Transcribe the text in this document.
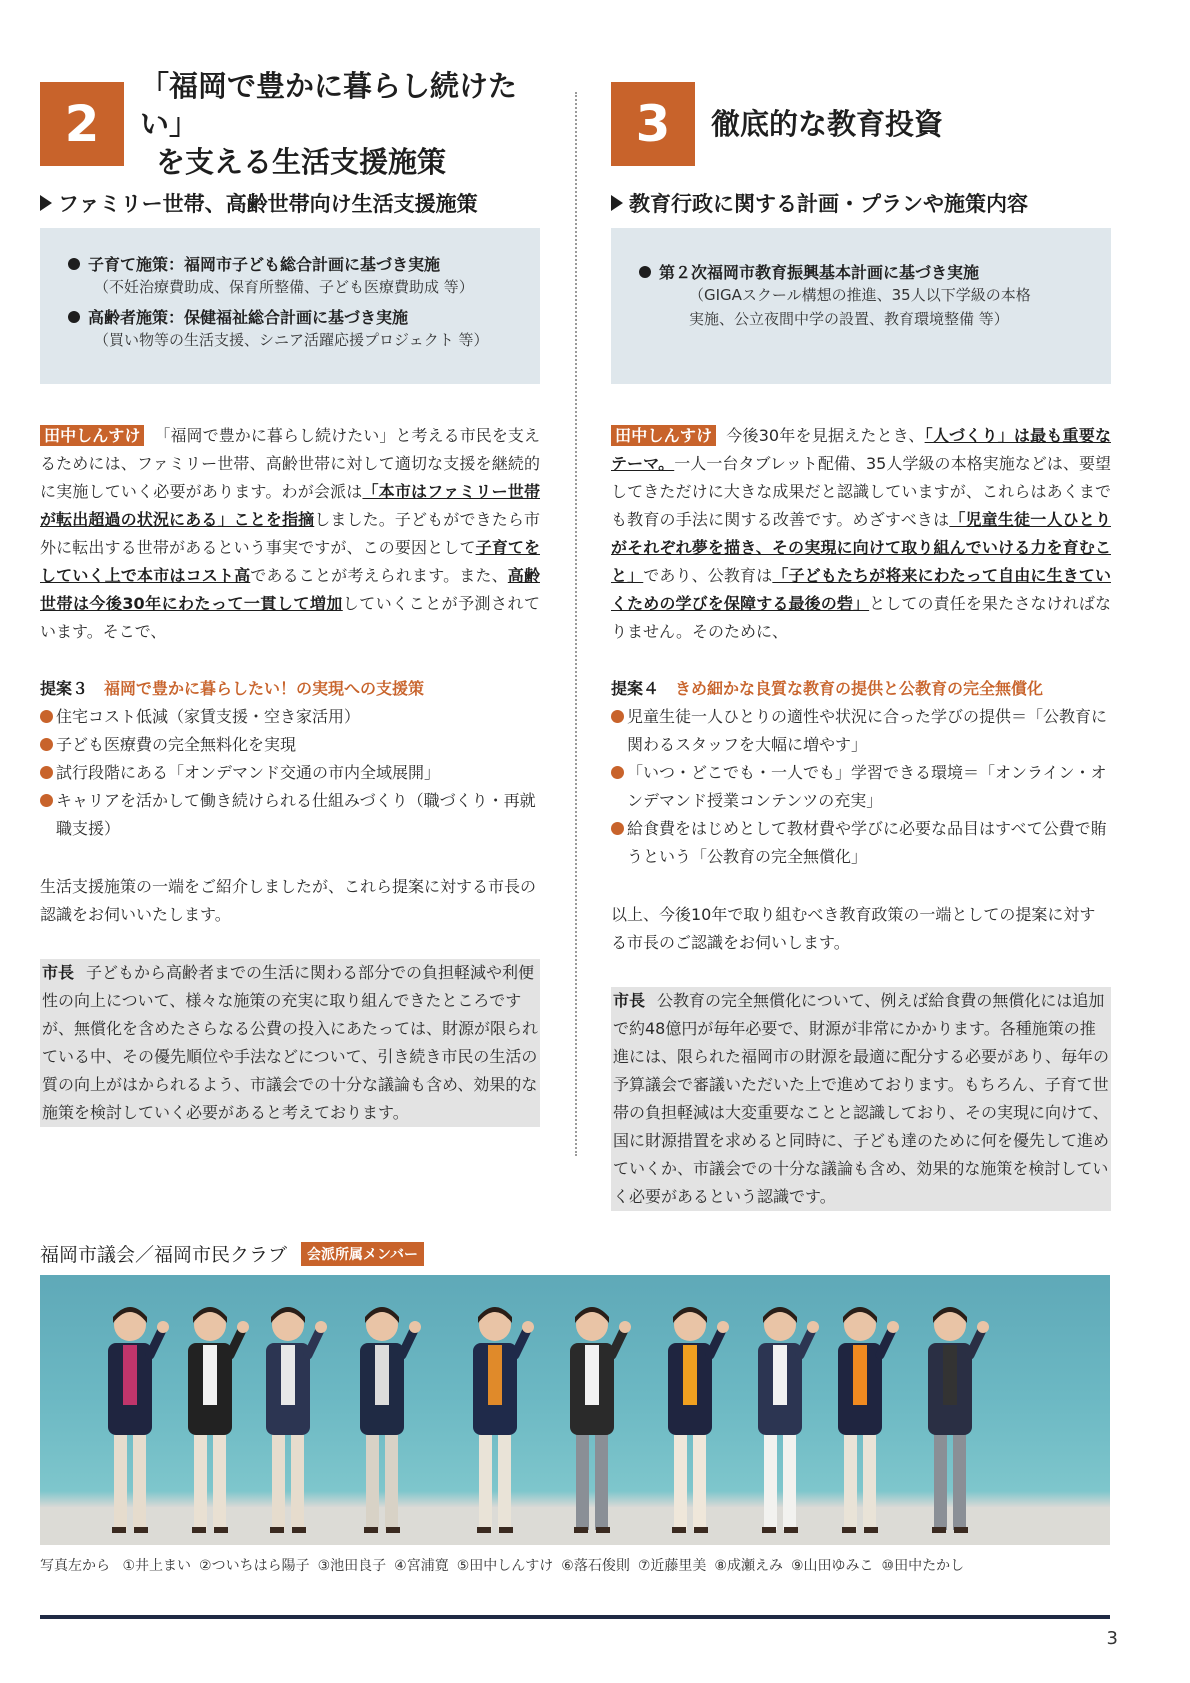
2
「福岡で豊かに暮らし続けたい」
を支える生活支援施策
ファミリー世帯、高齢世帯向け生活支援施策
子育て施策：福岡市子ども総合計画に基づき実施
（不妊治療費助成、保育所整備、子ども医療費助成 等）
高齢者施策：保健福祉総合計画に基づき実施
（買い物等の生活支援、シニア活躍応援プロジェクト 等）
田中しんすけ 「福岡で豊かに暮らし続けたい」と考える市民を支えるためには、ファミリー世帯、高齢世帯に対して適切な支援を継続的に実施していく必要があります。わが会派は「本市はファミリー世帯が転出超過の状況にある」ことを指摘しました。子どもができたら市外に転出する世帯があるという事実ですが、この要因として子育てをしていく上で本市はコスト高であることが考えられます。また、高齢世帯は今後30年にわたって一貫して増加していくことが予測されています。そこで、
提案３ 福岡で豊かに暮らしたい！の実現への支援策
住宅コスト低減（家賃支援・空き家活用）
子ども医療費の完全無料化を実現
試行段階にある「オンデマンド交通の市内全域展開」
キャリアを活かして働き続けられる仕組みづくり（職づくり・再就職支援）
生活支援施策の一端をご紹介しましたが、これら提案に対する市長の認識をお伺いいたします。
市長 子どもから高齢者までの生活に関わる部分での負担軽減や利便性の向上について、様々な施策の充実に取り組んできたところですが、無償化を含めたさらなる公費の投入にあたっては、財源が限られている中、その優先順位や手法などについて、引き続き市民の生活の質の向上がはかられるよう、市議会での十分な議論も含め、効果的な施策を検討していく必要があると考えております。
3	徹底的な教育投資
教育行政に関する計画・プランや施策内容
第２次福岡市教育振興基本計画に基づき実施
（GIGAスクール構想の推進、35人以下学級の本格
実施、公立夜間中学の設置、教育環境整備 等）
田中しんすけ 今後30年を見据えたとき、「人づくり」は最も重要なテーマ。一人一台タブレット配備、35人学級の本格実施などは、要望してきただけに大きな成果だと認識していますが、これらはあくまでも教育の手法に関する改善です。めざすべきは「児童生徒一人ひとりがそれぞれ夢を描き、その実現に向けて取り組んでいける力を育むこと」であり、公教育は「子どもたちが将来にわたって自由に生きていくための学びを保障する最後の砦」としての責任を果たさなければなりません。そのために、
提案４ きめ細かな良質な教育の提供と公教育の完全無償化
児童生徒一人ひとりの適性や状況に合った学びの提供＝「公教育に関わるスタッフを大幅に増やす」
「いつ・どこでも・一人でも」学習できる環境＝「オンライン・オンデマンド授業コンテンツの充実」
給食費をはじめとして教材費や学びに必要な品目はすべて公費で賄うという「公教育の完全無償化」
以上、今後10年で取り組むべき教育政策の一端としての提案に対する市長のご認識をお伺いします。
市長 公教育の完全無償化について、例えば給食費の無償化には追加で約48億円が毎年必要で、財源が非常にかかります。各種施策の推進には、限られた福岡市の財源を最適に配分する必要があり、毎年の予算議会で審議いただいた上で進めております。もちろん、子育て世帯の負担軽減は大変重要なことと認識しており、その実現に向けて、国に財源措置を求めると同時に、子ども達のために何を優先して進めていくか、市議会での十分な議論も含め、効果的な施策を検討していく必要があるという認識です。
福岡市議会／福岡市民クラブ	会派所属メンバー
写真左から ①井上まい ②ついちはら陽子 ③池田良子 ④宮浦寛 ⑤田中しんすけ ⑥落石俊則 ⑦近藤里美 ⑧成瀬えみ ⑨山田ゆみこ ⑩田中たかし
3
